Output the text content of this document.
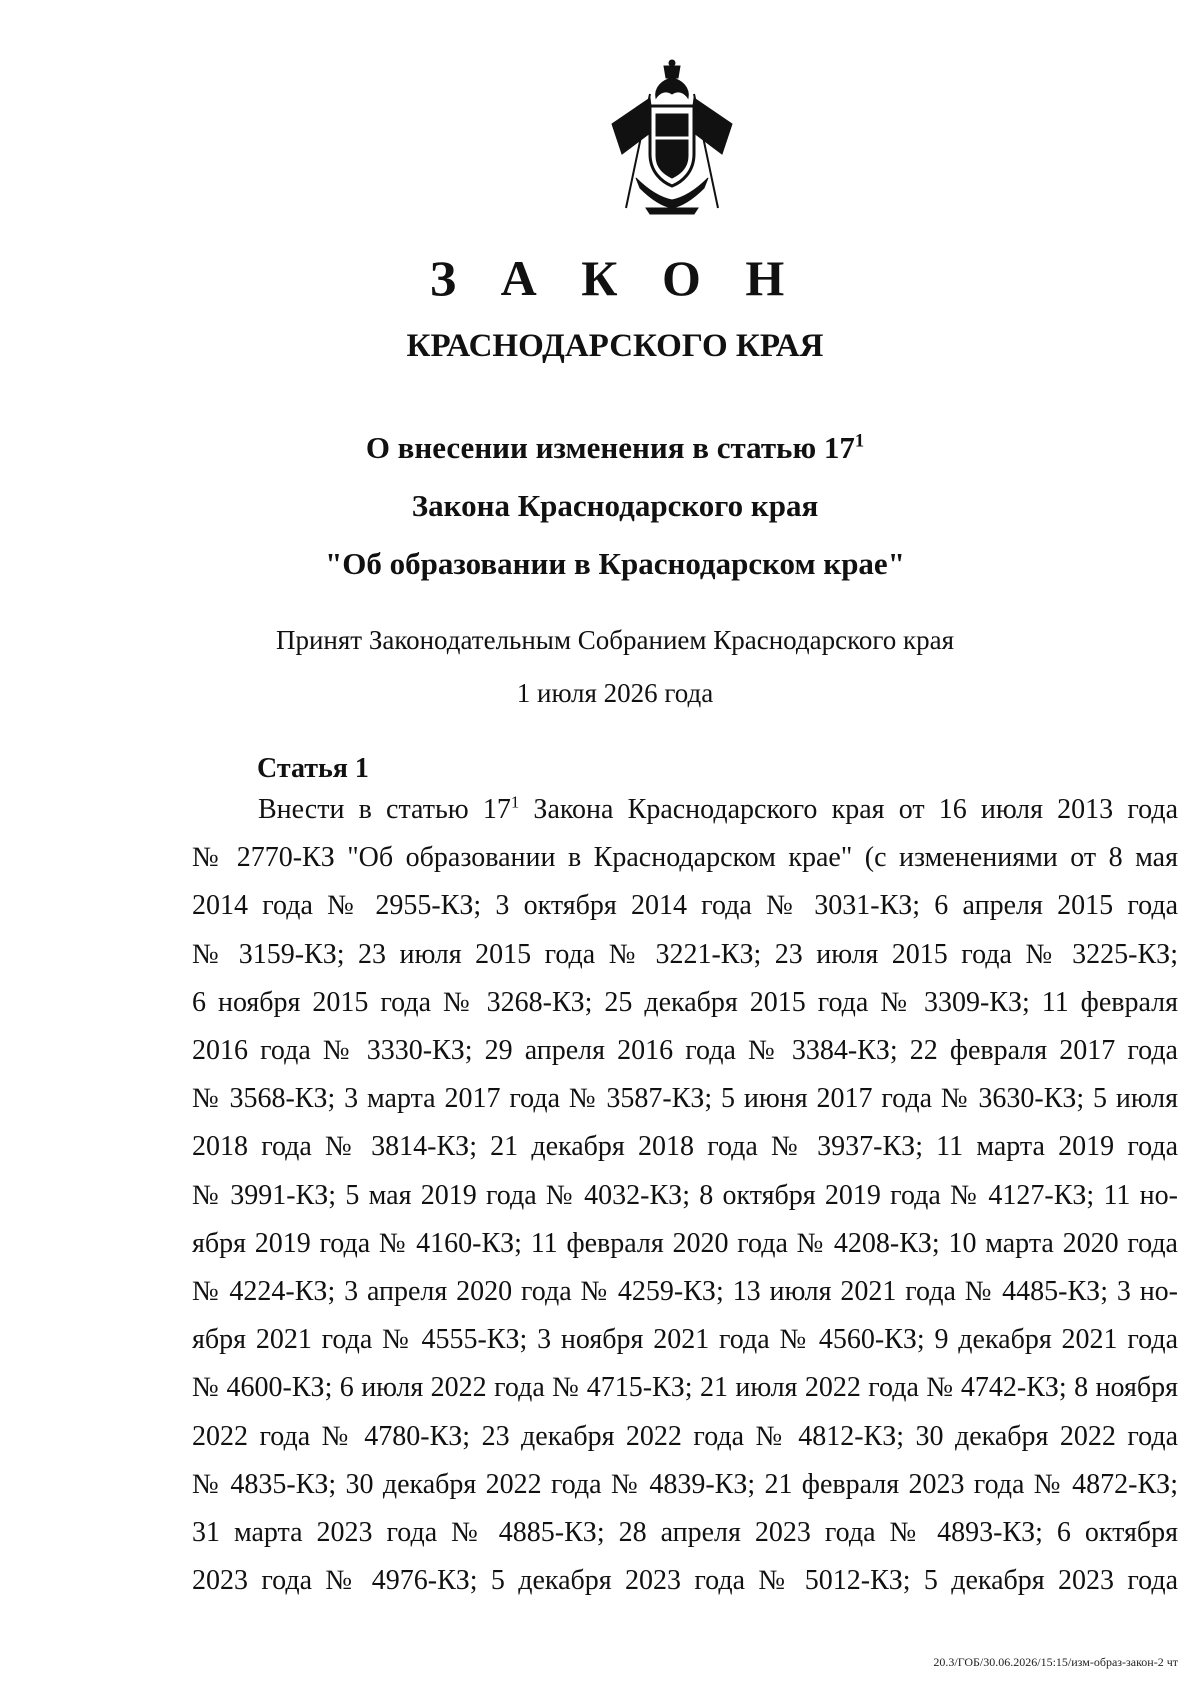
З А К О Н
КРАСНОДАРСКОГО КРАЯ
О внесении изменения в статью $17^1$
Закона Краснодарского края
"Об образовании в Краснодарском крае"
Принят Законодательным Собранием Краснодарского края
1 июля 2026 года
Статья 1
Внести в статью $17^1$ Закона Краснодарского края от 16 июля 2013 года
№ 2770-КЗ "Об образовании в Краснодарском крае" (с изменениями от 8 мая
2014 года № 2955-КЗ; 3 октября 2014 года № 3031-КЗ; 6 апреля 2015 года
№ 3159-КЗ; 23 июля 2015 года № 3221-КЗ; 23 июля 2015 года № 3225-КЗ;
6 ноября 2015 года № 3268-КЗ; 25 декабря 2015 года № 3309-КЗ; 11 февраля
2016 года № 3330-КЗ; 29 апреля 2016 года № 3384-КЗ; 22 февраля 2017 года
№ 3568-КЗ; 3 марта 2017 года № 3587-КЗ; 5 июня 2017 года № 3630-КЗ; 5 июля
2018 года № 3814-КЗ; 21 декабря 2018 года № 3937-КЗ; 11 марта 2019 года
№ 3991-КЗ; 5 мая 2019 года № 4032-КЗ; 8 октября 2019 года № 4127-КЗ; 11 но-
ября 2019 года № 4160-КЗ; 11 февраля 2020 года № 4208-КЗ; 10 марта 2020 года
№ 4224-КЗ; 3 апреля 2020 года № 4259-КЗ; 13 июля 2021 года № 4485-КЗ; 3 но-
ября 2021 года № 4555-КЗ; 3 ноября 2021 года № 4560-КЗ; 9 декабря 2021 года
№ 4600-КЗ; 6 июля 2022 года № 4715-КЗ; 21 июля 2022 года № 4742-КЗ; 8 ноября
2022 года № 4780-КЗ; 23 декабря 2022 года № 4812-КЗ; 30 декабря 2022 года
№ 4835-КЗ; 30 декабря 2022 года № 4839-КЗ; 21 февраля 2023 года № 4872-КЗ;
31 марта 2023 года № 4885-КЗ; 28 апреля 2023 года № 4893-КЗ; 6 октября
2023 года № 4976-КЗ; 5 декабря 2023 года № 5012-КЗ; 5 декабря 2023 года
20.3/ГОБ/30.06.2026/15:15/изм-образ-закон-2 чт
